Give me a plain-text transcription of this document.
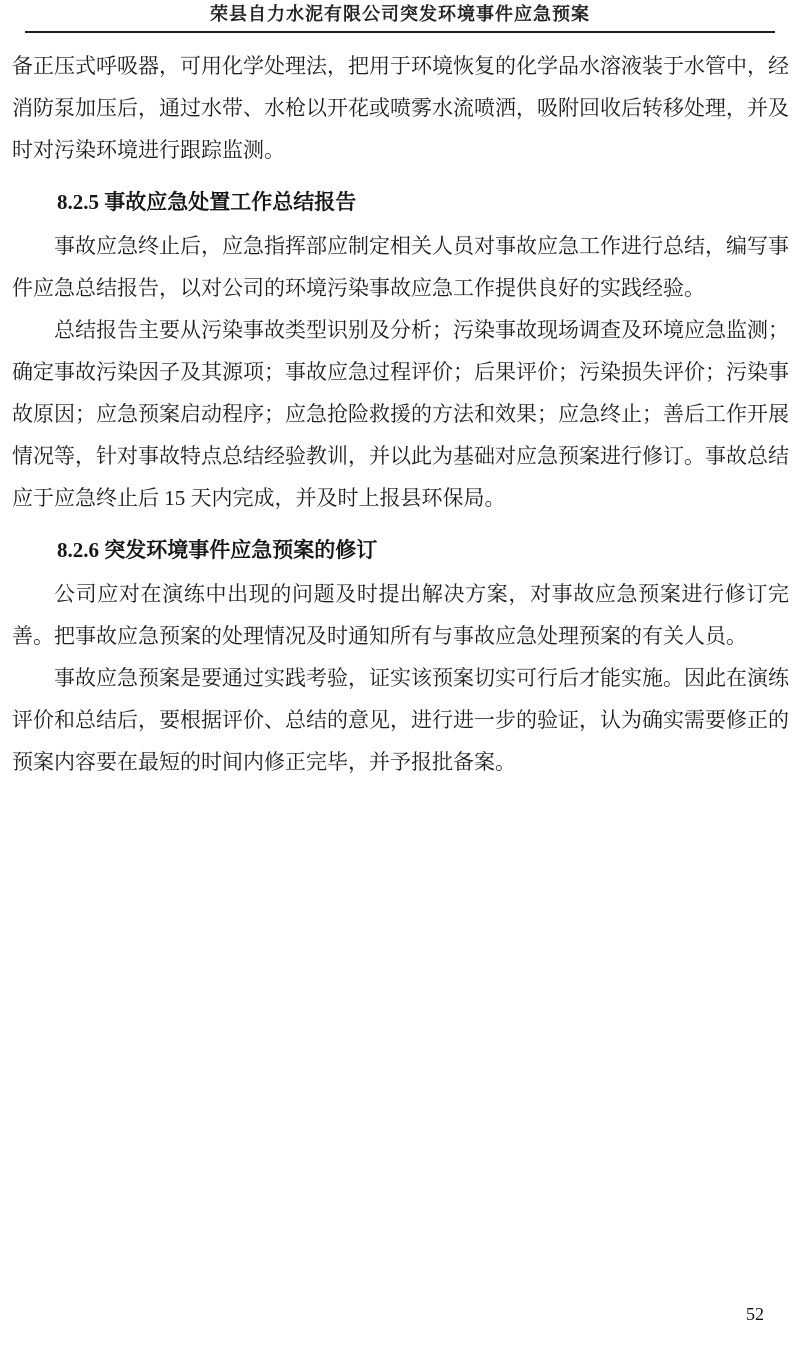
荣县自力水泥有限公司突发环境事件应急预案

备正压式呼吸器，可用化学处理法，把用于环境恢复的化学品水溶液装于水管中，经消防泵加压后，通过水带、水枪以开花或喷雾水流喷洒，吸附回收后转移处理，并及时对污染环境进行跟踪监测。

8.2.5 事故应急处置工作总结报告

事故应急终止后，应急指挥部应制定相关人员对事故应急工作进行总结，编写事件应急总结报告，以对公司的环境污染事故应急工作提供良好的实践经验。

总结报告主要从污染事故类型识别及分析；污染事故现场调查及环境应急监测；确定事故污染因子及其源项；事故应急过程评价；后果评价；污染损失评价；污染事故原因；应急预案启动程序；应急抢险救援的方法和效果；应急终止；善后工作开展情况等，针对事故特点总结经验教训，并以此为基础对应急预案进行修订。事故总结应于应急终止后 15 天内完成，并及时上报县环保局。

8.2.6 突发环境事件应急预案的修订

公司应对在演练中出现的问题及时提出解决方案，对事故应急预案进行修订完善。把事故应急预案的处理情况及时通知所有与事故应急处理预案的有关人员。

事故应急预案是要通过实践考验，证实该预案切实可行后才能实施。因此在演练评价和总结后，要根据评价、总结的意见，进行进一步的验证，认为确实需要修正的预案内容要在最短的时间内修正完毕，并予报批备案。

52
